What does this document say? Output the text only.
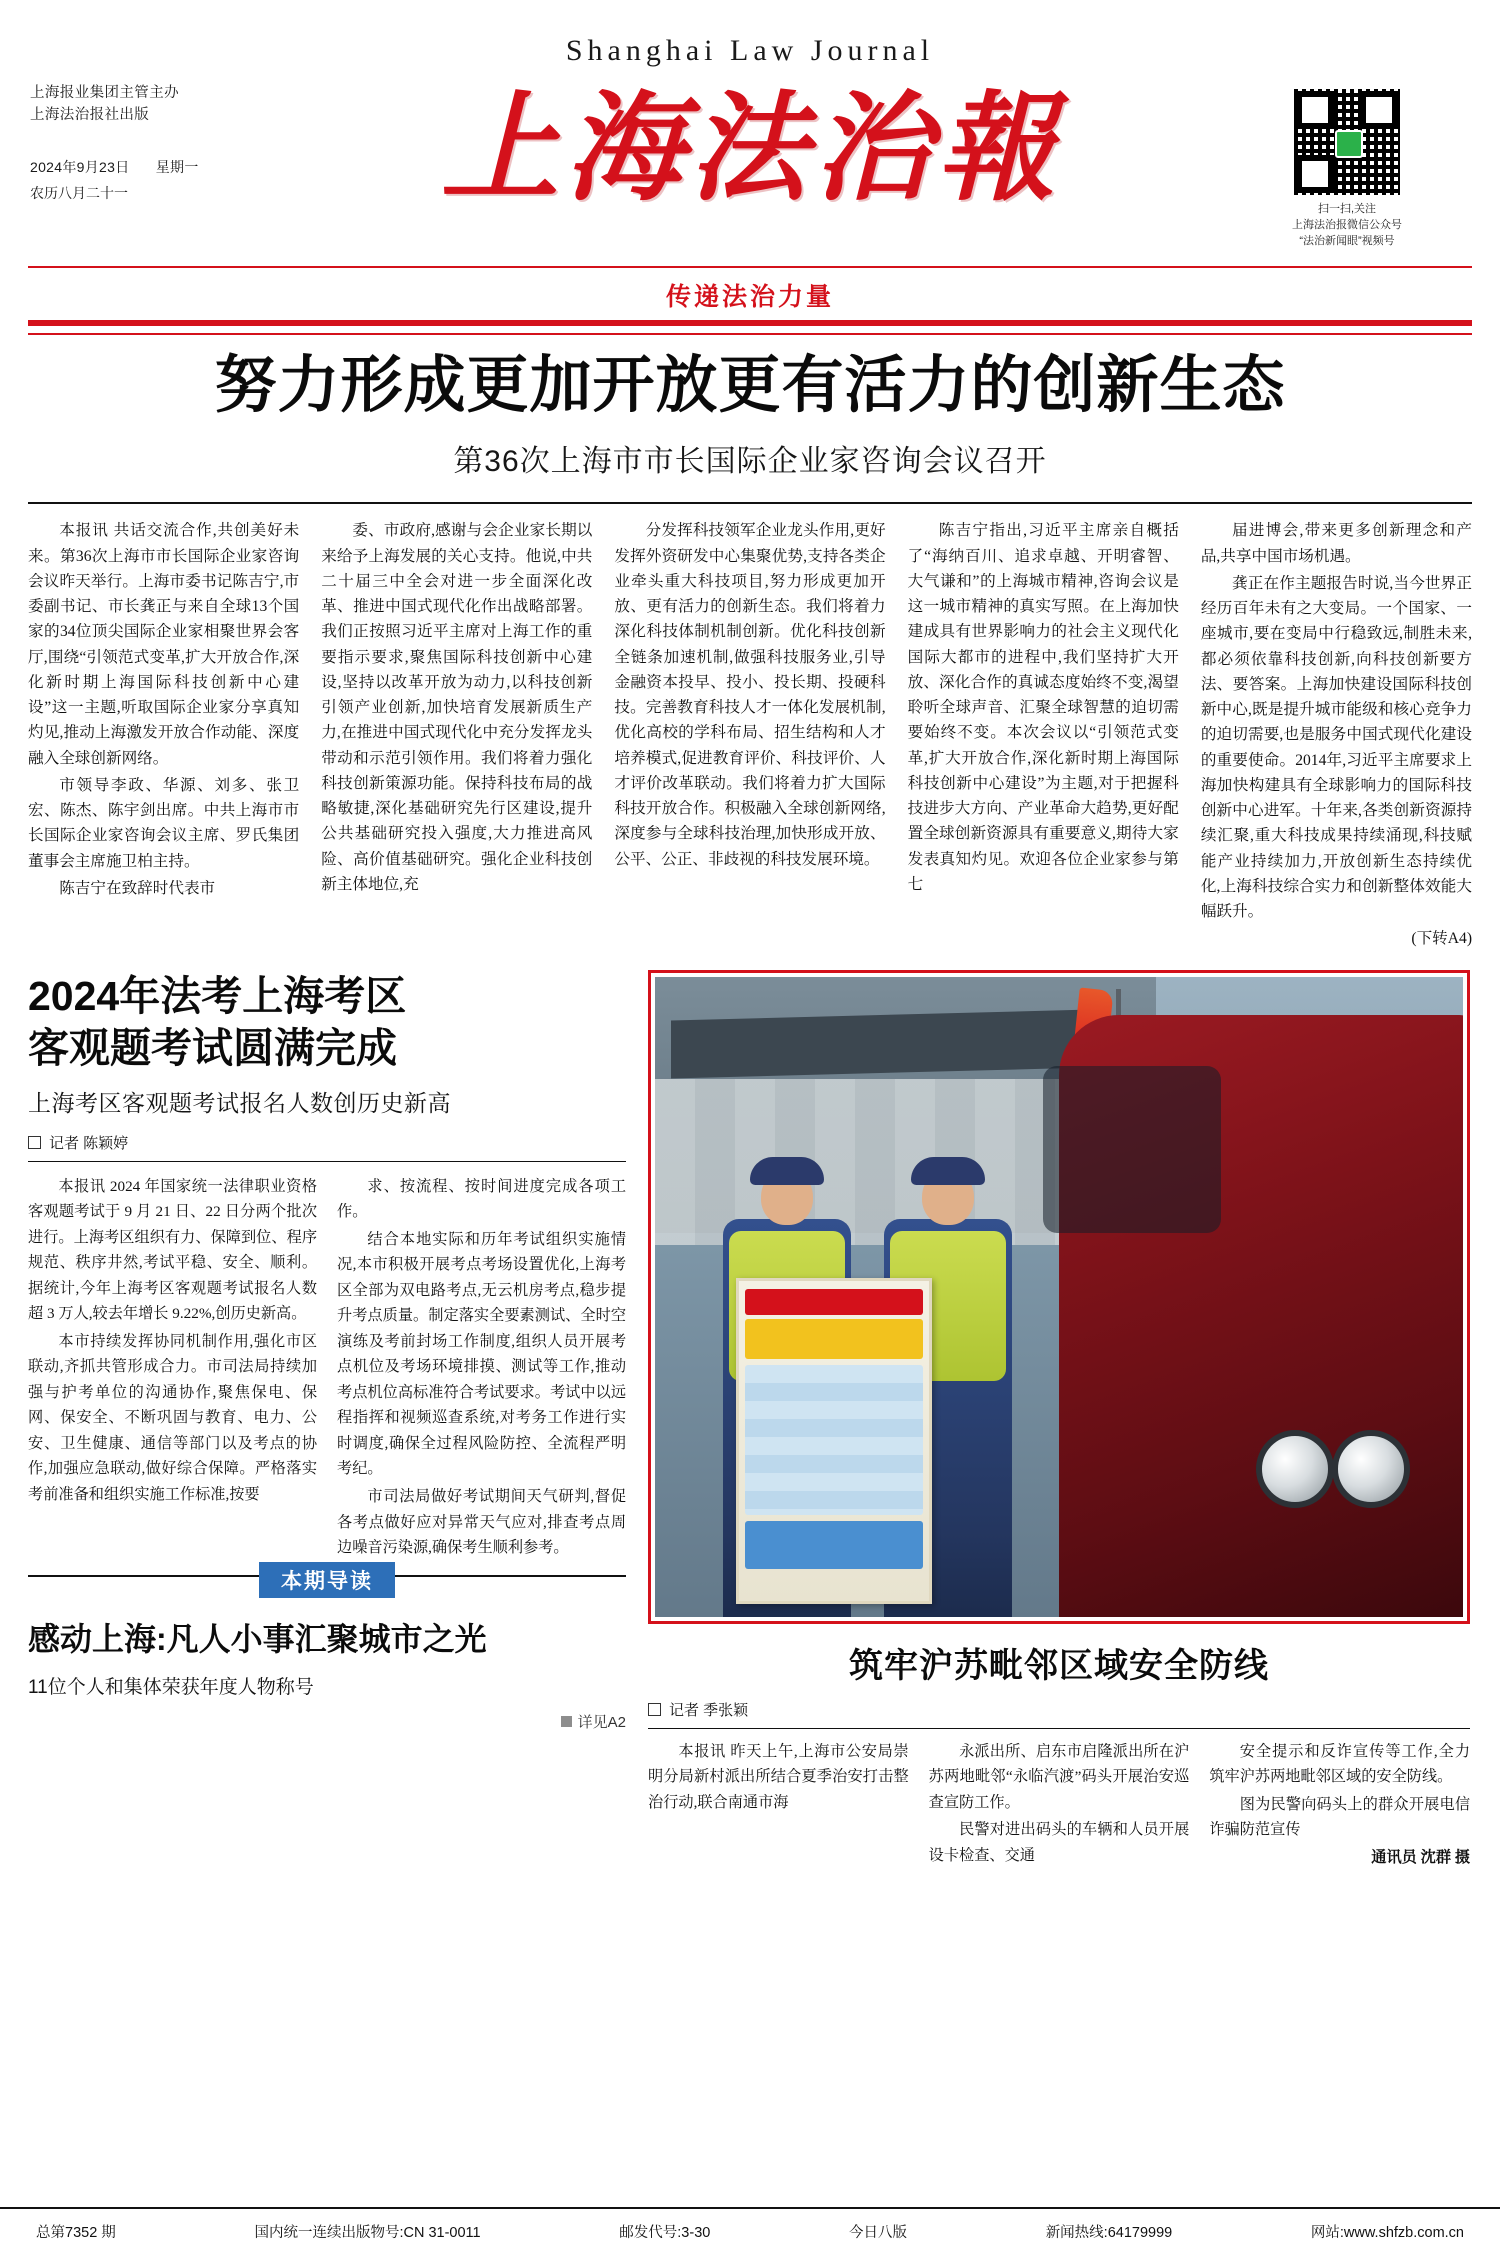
Shanghai Law Journal
上海报业集团主管主办
上海法治报社出版
2024年9月23日 星期一
农历八月二十一	上海法治報	扫一扫,关注
上海法治报微信公众号
“法治新闻眼”视频号
传递法治力量
努力形成更加开放更有活力的创新生态
第36次上海市市长国际企业家咨询会议召开

本报讯 共话交流合作,共创美好未来。第36次上海市市长国际企业家咨询会议昨天举行。上海市委书记陈吉宁,市委副书记、市长龚正与来自全球13个国家的34位顶尖国际企业家相聚世界会客厅,围绕“引领范式变革,扩大开放合作,深化新时期上海国际科技创新中心建设”这一主题,听取国际企业家分享真知灼见,推动上海激发开放合作动能、深度融入全球创新网络。

市领导李政、华源、刘多、张卫宏、陈杰、陈宇剑出席。中共上海市市长国际企业家咨询会议主席、罗氏集团董事会主席施卫柏主持。

陈吉宁在致辞时代表市

委、市政府,感谢与会企业家长期以来给予上海发展的关心支持。他说,中共二十届三中全会对进一步全面深化改革、推进中国式现代化作出战略部署。我们正按照习近平主席对上海工作的重要指示要求,聚焦国际科技创新中心建设,坚持以改革开放为动力,以科技创新引领产业创新,加快培育发展新质生产力,在推进中国式现代化中充分发挥龙头带动和示范引领作用。我们将着力强化科技创新策源功能。保持科技布局的战略敏捷,深化基础研究先行区建设,提升公共基础研究投入强度,大力推进高风险、高价值基础研究。强化企业科技创新主体地位,充

分发挥科技领军企业龙头作用,更好发挥外资研发中心集聚优势,支持各类企业牵头重大科技项目,努力形成更加开放、更有活力的创新生态。我们将着力深化科技体制机制创新。优化科技创新全链条加速机制,做强科技服务业,引导金融资本投早、投小、投长期、投硬科技。完善教育科技人才一体化发展机制,优化高校的学科布局、招生结构和人才培养模式,促进教育评价、科技评价、人才评价改革联动。我们将着力扩大国际科技开放合作。积极融入全球创新网络,深度参与全球科技治理,加快形成开放、公平、公正、非歧视的科技发展环境。

陈吉宁指出,习近平主席亲自概括了“海纳百川、追求卓越、开明睿智、大气谦和”的上海城市精神,咨询会议是这一城市精神的真实写照。在上海加快建成具有世界影响力的社会主义现代化国际大都市的进程中,我们坚持扩大开放、深化合作的真诚态度始终不变,渴望聆听全球声音、汇聚全球智慧的迫切需要始终不变。本次会议以“引领范式变革,扩大开放合作,深化新时期上海国际科技创新中心建设”为主题,对于把握科技进步大方向、产业革命大趋势,更好配置全球创新资源具有重要意义,期待大家发表真知灼见。欢迎各位企业家参与第七

届进博会,带来更多创新理念和产品,共享中国市场机遇。

龚正在作主题报告时说,当今世界正经历百年未有之大变局。一个国家、一座城市,要在变局中行稳致远,制胜未来,都必须依靠科技创新,向科技创新要方法、要答案。上海加快建设国际科技创新中心,既是提升城市能级和核心竞争力的迫切需要,也是服务中国式现代化建设的重要使命。2014年,习近平主席要求上海加快构建具有全球影响力的国际科技创新中心进军。十年来,各类创新资源持续汇聚,重大科技成果持续涌现,科技赋能产业持续加力,开放创新生态持续优化,上海科技综合实力和创新整体效能大幅跃升。

(下转A4)

2024年法考上海考区
客观题考试圆满完成
上海考区客观题考试报名人数创历史新高
记者 陈颖婷

本报讯 2024 年国家统一法律职业资格客观题考试于 9 月 21 日、22 日分两个批次进行。上海考区组织有力、保障到位、程序规范、秩序井然,考试平稳、安全、顺利。据统计,今年上海考区客观题考试报名人数超 3 万人,较去年增长 9.22%,创历史新高。

本市持续发挥协同机制作用,强化市区联动,齐抓共管形成合力。市司法局持续加强与护考单位的沟通协作,聚焦保电、保网、保安全、不断巩固与教育、电力、公安、卫生健康、通信等部门以及考点的协作,加强应急联动,做好综合保障。严格落实考前准备和组织实施工作标准,按要

求、按流程、按时间进度完成各项工作。

结合本地实际和历年考试组织实施情况,本市积极开展考点考场设置优化,上海考区全部为双电路考点,无云机房考点,稳步提升考点质量。制定落实全要素测试、全时空演练及考前封场工作制度,组织人员开展考点机位及考场环境排摸、测试等工作,推动考点机位高标准符合考试要求。考试中以远程指挥和视频巡查系统,对考务工作进行实时调度,确保全过程风险防控、全流程严明考纪。

市司法局做好考试期间天气研判,督促各考点做好应对异常天气应对,排查考点周边噪音污染源,确保考生顺利参考。

本期导读
感动上海:凡人小事汇聚城市之光
11位个人和集体荣获年度人物称号
详见A2
筑牢沪苏毗邻区域安全防线
记者 季张颖

本报讯 昨天上午,上海市公安局崇明分局新村派出所结合夏季治安打击整治行动,联合南通市海

永派出所、启东市启隆派出所在沪苏两地毗邻“永临汽渡”码头开展治安巡查宣防工作。

民警对进出码头的车辆和人员开展设卡检查、交通

安全提示和反诈宣传等工作,全力筑牢沪苏两地毗邻区域的安全防线。

图为民警向码头上的群众开展电信诈骗防范宣传

通讯员 沈群 摄

总第7352 期	国内统一连续出版物号:CN 31-0011	邮发代号:3-30	今日八版	新闻热线:64179999	网站:www.shfzb.com.cn
